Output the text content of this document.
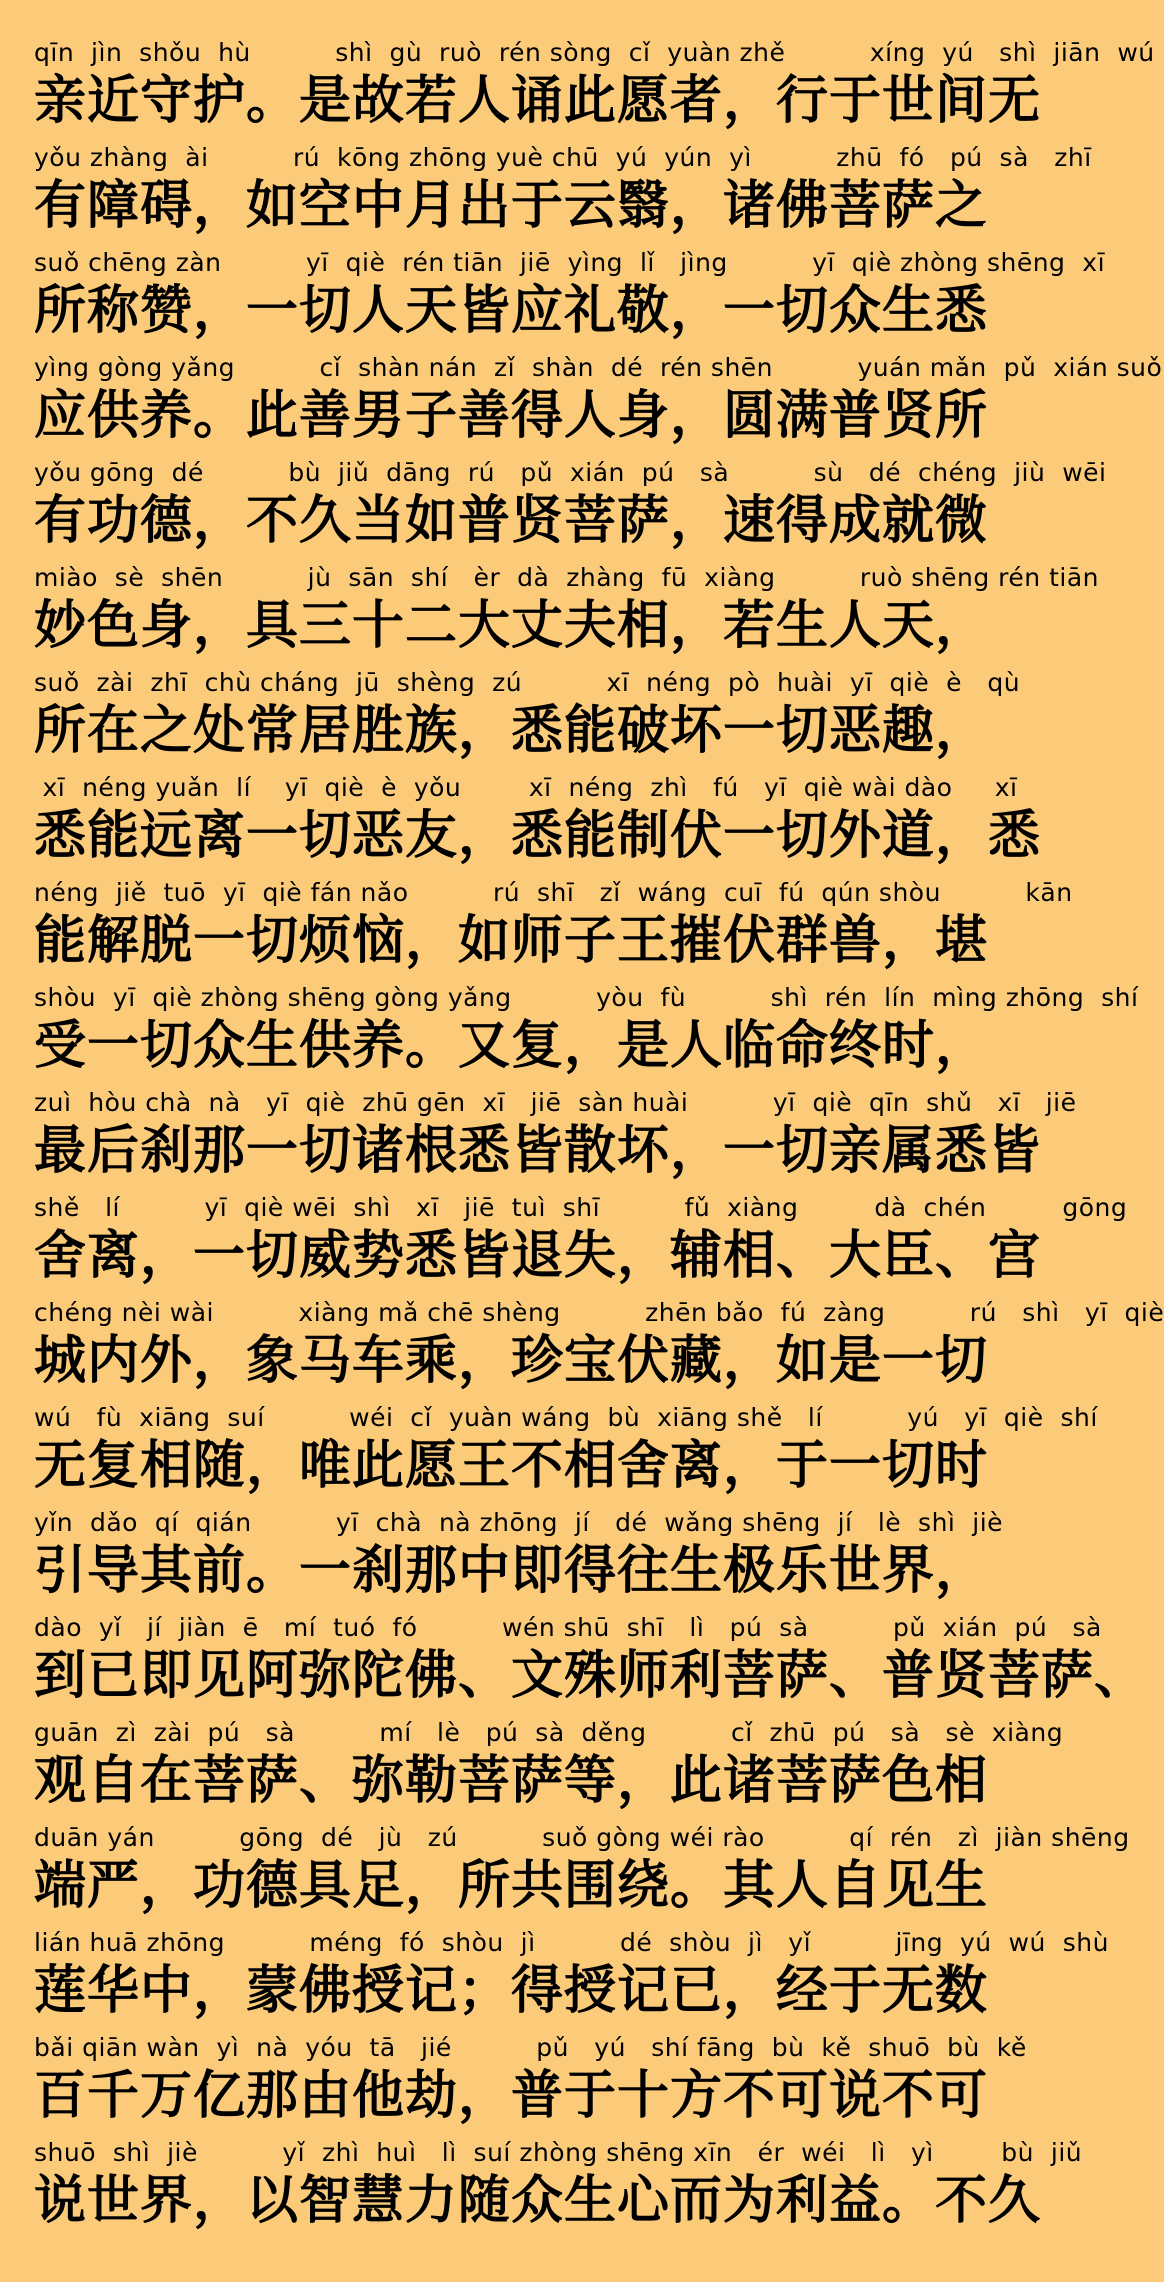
qīn  jìn  shǒu  hù          shì  gù  ruò  rén sòng  cǐ  yuàn zhě          xíng  yú   shì  jiān  wú
亲近守护。是故若人诵此愿者，行于世间无
yǒu zhàng  ài          rú  kōng zhōng yuè chū  yú  yún  yì          zhū  fó   pú  sà   zhī
有障碍，如空中月出于云翳，诸佛菩萨之
suǒ chēng zàn          yī  qiè  rén tiān  jiē  yìng  lǐ   jìng          yī  qiè zhòng shēng  xī
所称赞，一切人天皆应礼敬，一切众生悉
yìng gòng yǎng          cǐ  shàn nán  zǐ  shàn  dé  rén shēn          yuán mǎn  pǔ  xián suǒ
应供养。此善男子善得人身，圆满普贤所
yǒu gōng  dé          bù  jiǔ  dāng  rú   pǔ  xián  pú   sà          sù   dé  chéng  jiù  wēi
有功德，不久当如普贤菩萨，速得成就微
miào  sè  shēn          jù  sān  shí   èr  dà  zhàng  fū  xiàng          ruò shēng rén tiān
妙色身，具三十二大丈夫相，若生人天，
suǒ  zài  zhī  chù cháng  jū  shèng  zú          xī  néng  pò  huài  yī  qiè  è   qù
所在之处常居胜族，悉能破坏一切恶趣，
xī  néng yuǎn  lí    yī  qiè  è  yǒu        xī  néng  zhì   fú   yī  qiè wài dào     xī
悉能远离一切恶友，悉能制伏一切外道，悉
néng  jiě  tuō  yī  qiè fán nǎo          rú  shī   zǐ  wáng  cuī  fú  qún shòu          kān
能解脱一切烦恼，如师子王摧伏群兽，堪
shòu  yī  qiè zhòng shēng gòng yǎng          yòu  fù          shì  rén  lín  mìng zhōng  shí
受一切众生供养。又复，是人临命终时，
zuì  hòu chà  nà   yī  qiè  zhū gēn  xī   jiē  sàn huài          yī  qiè  qīn  shǔ   xī   jiē
最后刹那一切诸根悉皆散坏，一切亲属悉皆
shě   lí          yī  qiè wēi  shì   xī   jiē  tuì  shī          fǔ  xiàng         dà  chén         gōng
舍离，一切威势悉皆退失，辅相、大臣、宫
chéng nèi wài          xiàng mǎ chē shèng          zhēn bǎo  fú  zàng          rú   shì   yī  qiè
城内外，象马车乘，珍宝伏藏，如是一切
wú   fù  xiāng  suí          wéi  cǐ  yuàn wáng  bù  xiāng shě   lí          yú   yī  qiè  shí
无复相随，唯此愿王不相舍离，于一切时
yǐn  dǎo  qí  qián          yī  chà  nà zhōng  jí   dé  wǎng shēng  jí   lè  shì  jiè
引导其前。一刹那中即得往生极乐世界，
dào  yǐ   jí  jiàn  ē   mí  tuó  fó          wén shū  shī   lì   pú  sà          pǔ  xián  pú   sà
到已即见阿弥陀佛、文殊师利菩萨、普贤菩萨、
guān  zì  zài  pú   sà          mí   lè   pú  sà  děng          cǐ  zhū  pú   sà   sè  xiàng
观自在菩萨、弥勒菩萨等，此诸菩萨色相
duān yán          gōng  dé   jù   zú          suǒ gòng wéi rào          qí  rén   zì  jiàn shēng
端严，功德具足，所共围绕。其人自见生
lián huā zhōng          méng  fó  shòu  jì          dé  shòu  jì   yǐ          jīng  yú  wú  shù
莲华中，蒙佛授记；得授记已，经于无数
bǎi qiān wàn  yì  nà  yóu  tā   jié          pǔ   yú   shí fāng  bù  kě  shuō  bù  kě
百千万亿那由他劫，普于十方不可说不可
shuō  shì  jiè          yǐ  zhì  huì   lì  suí zhòng shēng xīn   ér  wéi   lì   yì        bù  jiǔ
说世界，以智慧力随众生心而为利益。不久
